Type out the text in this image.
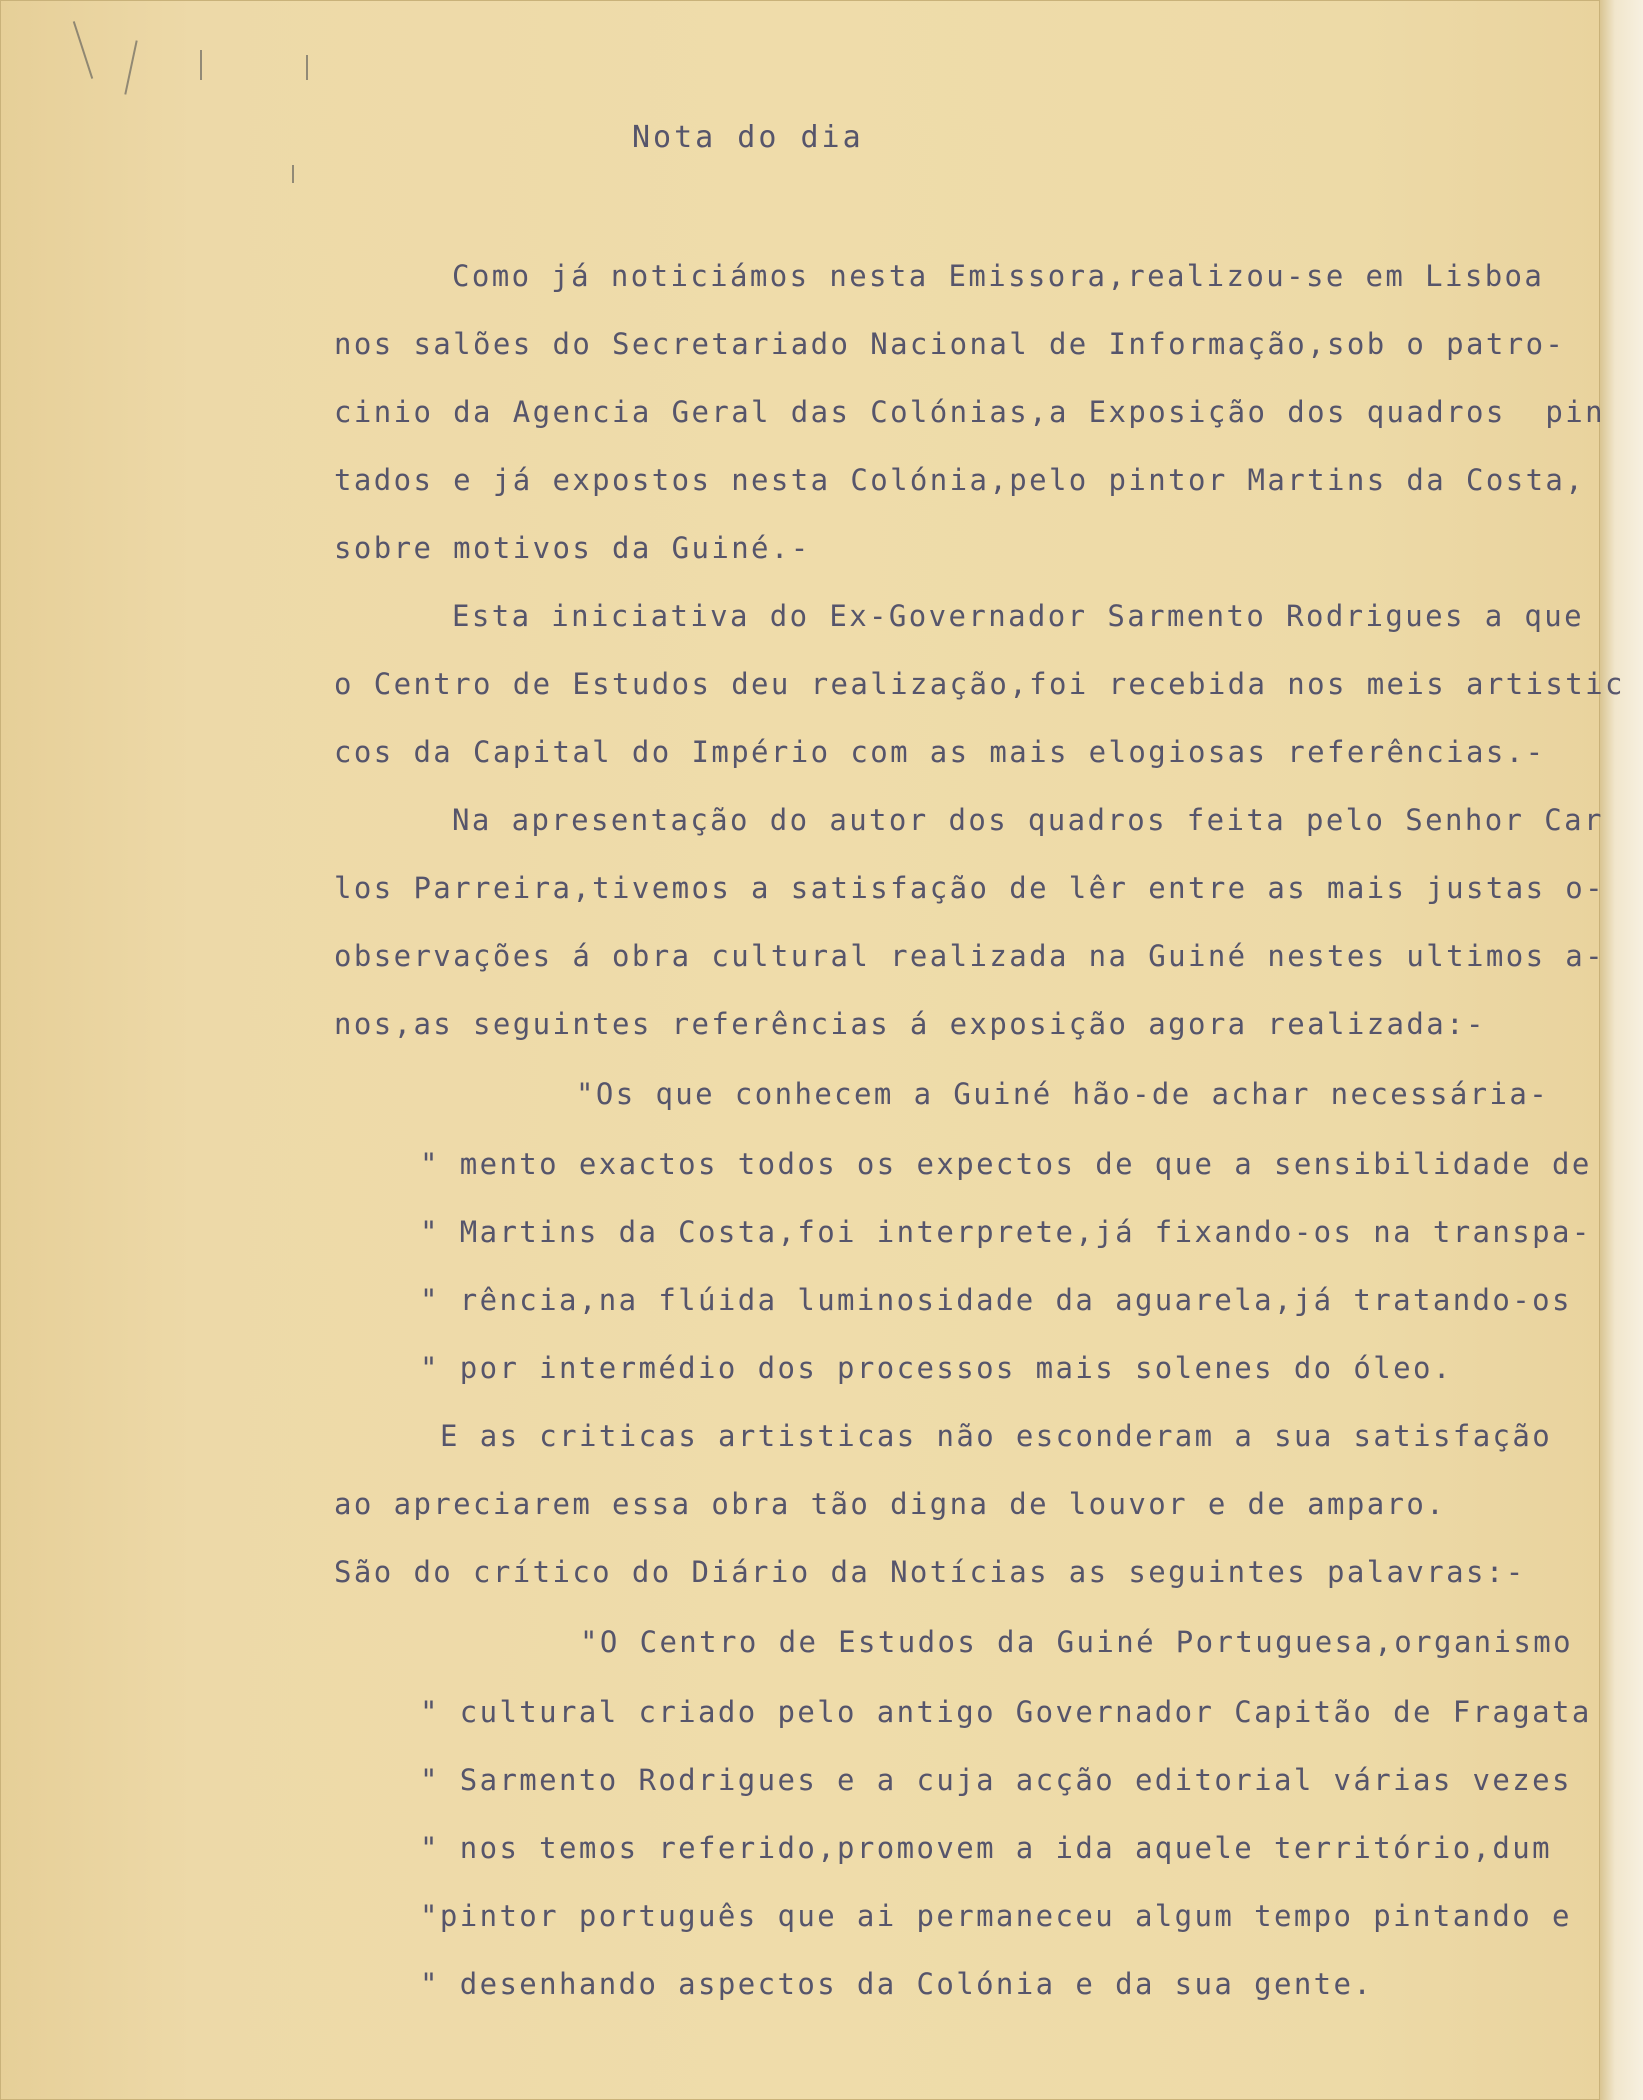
Nota do dia
Como já noticiámos nesta Emissora,realizou-se em Lisboa
nos salões do Secretariado Nacional de Informação,sob o patro-
cinio da Agencia Geral das Colónias,a Exposição dos quadros  pin
tados e já expostos nesta Colónia,pelo pintor Martins da Costa,
sobre motivos da Guiné.-
Esta iniciativa do Ex-Governador Sarmento Rodrigues a que
o Centro de Estudos deu realização,foi recebida nos meis artistic
cos da Capital do Império com as mais elogiosas referências.-
Na apresentação do autor dos quadros feita pelo Senhor Car
los Parreira,tivemos a satisfação de lêr entre as mais justas o-
observações á obra cultural realizada na Guiné nestes ultimos a-
nos,as seguintes referências á exposição agora realizada:-
"Os que conhecem a Guiné hão-de achar necessária-
" mento exactos todos os expectos de que a sensibilidade de
" Martins da Costa,foi interprete,já fixando-os na transpa-
" rência,na flúida luminosidade da aguarela,já tratando-os
" por intermédio dos processos mais solenes do óleo.
E as criticas artisticas não esconderam a sua satisfação
ao apreciarem essa obra tão digna de louvor e de amparo.
São do crítico do Diário da Notícias as seguintes palavras:-
"O Centro de Estudos da Guiné Portuguesa,organismo
" cultural criado pelo antigo Governador Capitão de Fragata
" Sarmento Rodrigues e a cuja acção editorial várias vezes
" nos temos referido,promovem a ida aquele território,dum
"pintor português que ai permaneceu algum tempo pintando e
" desenhando aspectos da Colónia e da sua gente.
